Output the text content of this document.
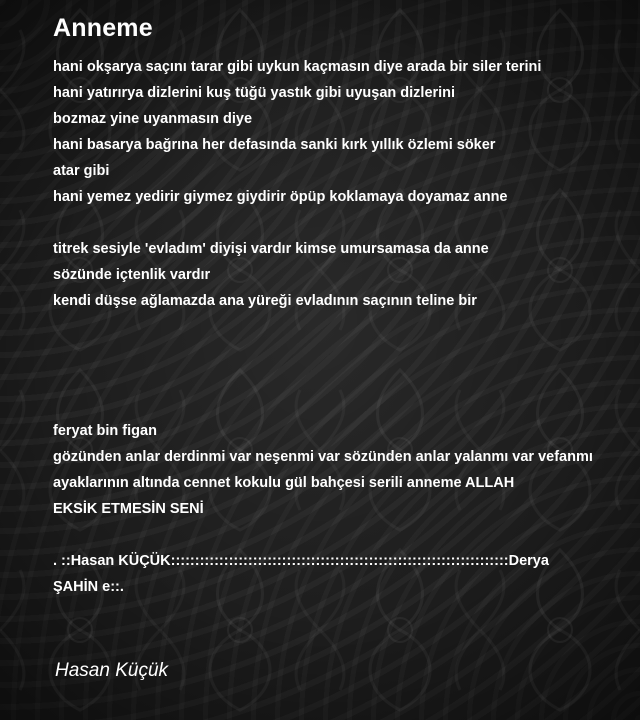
Anneme
hani okşarya saçını tarar gibi uykun kaçmasın diye arada bir siler terini
hani yatırırya dizlerini kuş tüğü yastık gibi uyuşan dizlerini
bozmaz yine uyanmasın diye
hani basarya bağrına her defasında sanki kırk yıllık özlemi söker
atar gibi
hani yemez yedirir giymez giydirir öpüp koklamaya doyamaz anne
titrek sesiyle 'evladım' diyişi vardır kimse umursamasa da anne
sözünde içtenlik vardır
kendi düşse ağlamazda ana yüreği evladının saçının teline bir
feryat bin figan
gözünden anlar derdinmi var neşenmi var sözünden anlar yalanmı var vefanmı
ayaklarının altında cennet kokulu gül bahçesi serili anneme ALLAH
EKSİK ETMESİN SENİ
. ::Hasan KÜÇÜK::::::::::::::::::::::::::::::::::::::::::::::::::::::::::::::::::::::Derya
ŞAHİN e::.
Hasan Küçük
